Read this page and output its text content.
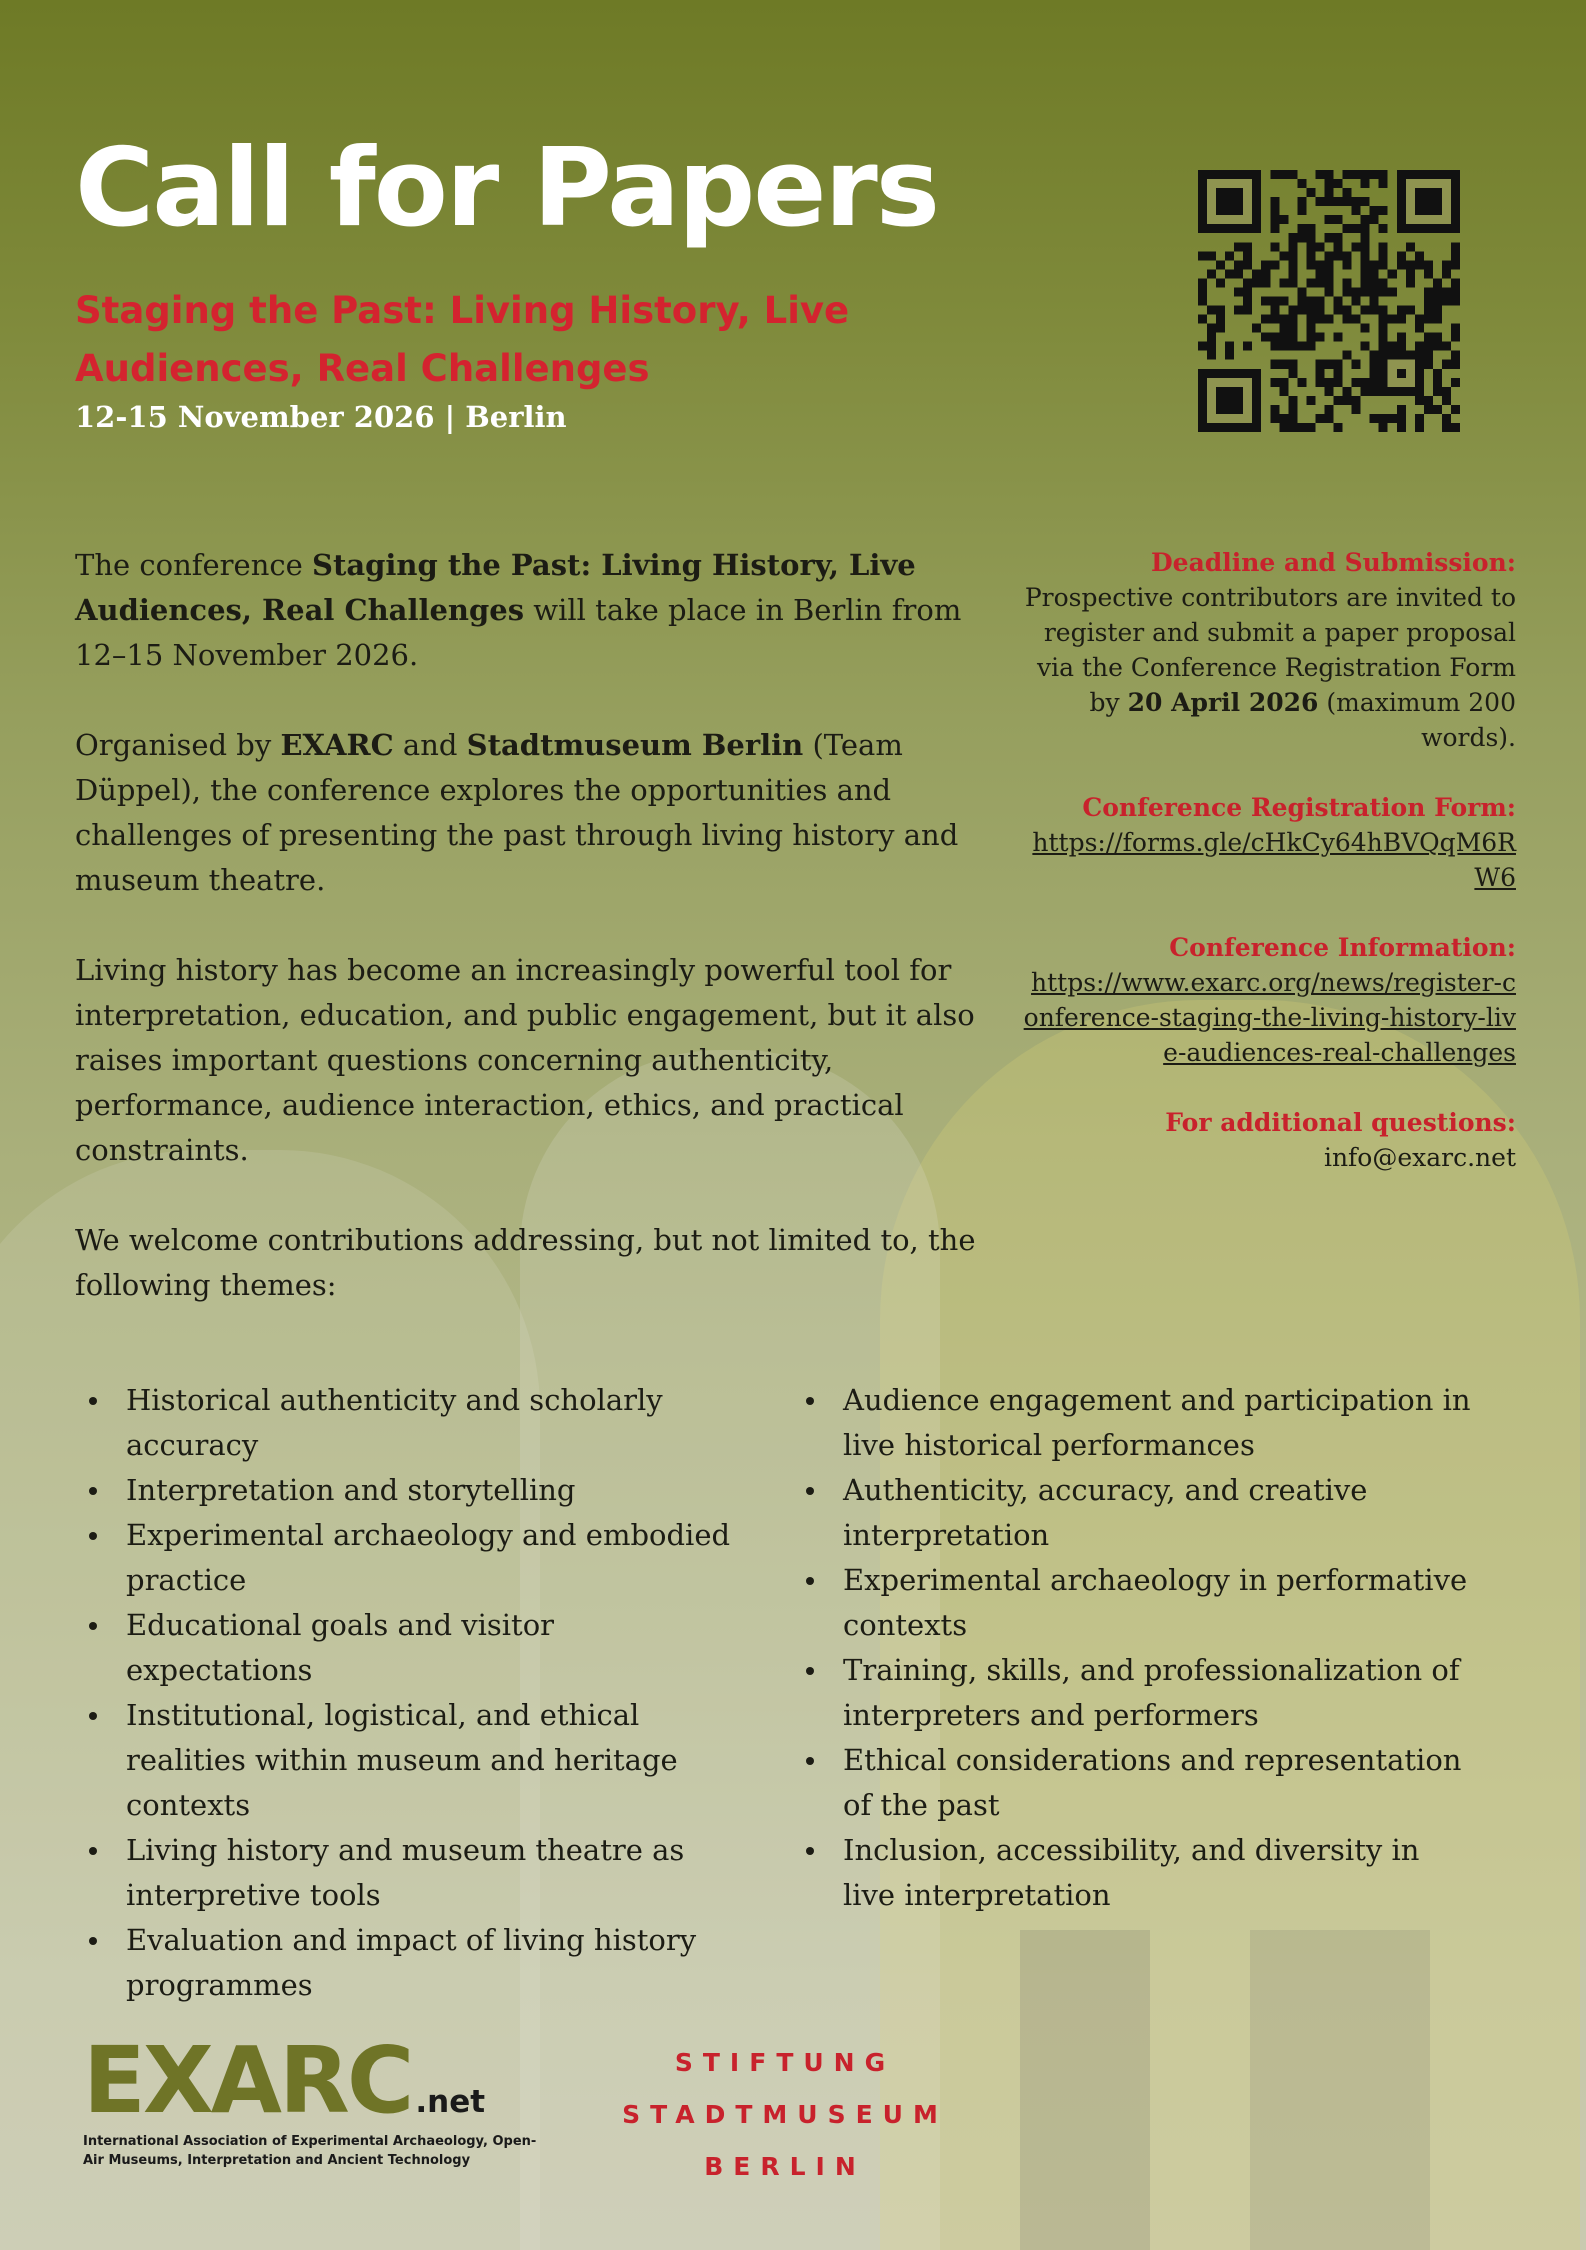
Call for Papers
Staging the Past: Living History, Live Audiences, Real Challenges

12-15 November 2026 | Berlin

The conference Staging the Past: Living History, Live Audiences, Real Challenges will take place in Berlin from 12–15 November 2026.

Organised by EXARC and Stadtmuseum Berlin (Team Düppel), the conference explores the opportunities and challenges of presenting the past through living history and museum theatre.

Living history has become an increasingly powerful tool for interpretation, education, and public engagement, but it also raises important questions concerning authenticity, performance, audience interaction, ethics, and practical constraints.

We welcome contributions addressing, but not limited to, the following themes:

Deadline and Submission:
Prospective contributors are invited to register and submit a paper proposal via the Conference Registration Form by 20 April 2026 (maximum 200 words).
Conference Registration Form:
https://forms.gle/cHkCy64hBVQqM6RW6
Conference Information:
https://www.exarc.org/news/register-conference-staging-the-living-history-live-audiences-real-challenges
For additional questions:
info@exarc.net
Historical authenticity and scholarly accuracy
Interpretation and storytelling
Experimental archaeology and embodied practice
Educational goals and visitor expectations
Institutional, logistical, and ethical realities within museum and heritage contexts
Living history and museum theatre as interpretive tools
Evaluation and impact of living history programmes
Audience engagement and participation in live historical performances
Authenticity, accuracy, and creative interpretation
Experimental archaeology in performative contexts
Training, skills, and professionalization of interpreters and performers
Ethical considerations and representation of the past
Inclusion, accessibility, and diversity in live interpretation
EXARC .net
International Association of Experimental Archaeology, Open-Air Museums, Interpretation and Ancient Technology
STIFTUNG
STADTMUSEUM
BERLIN
